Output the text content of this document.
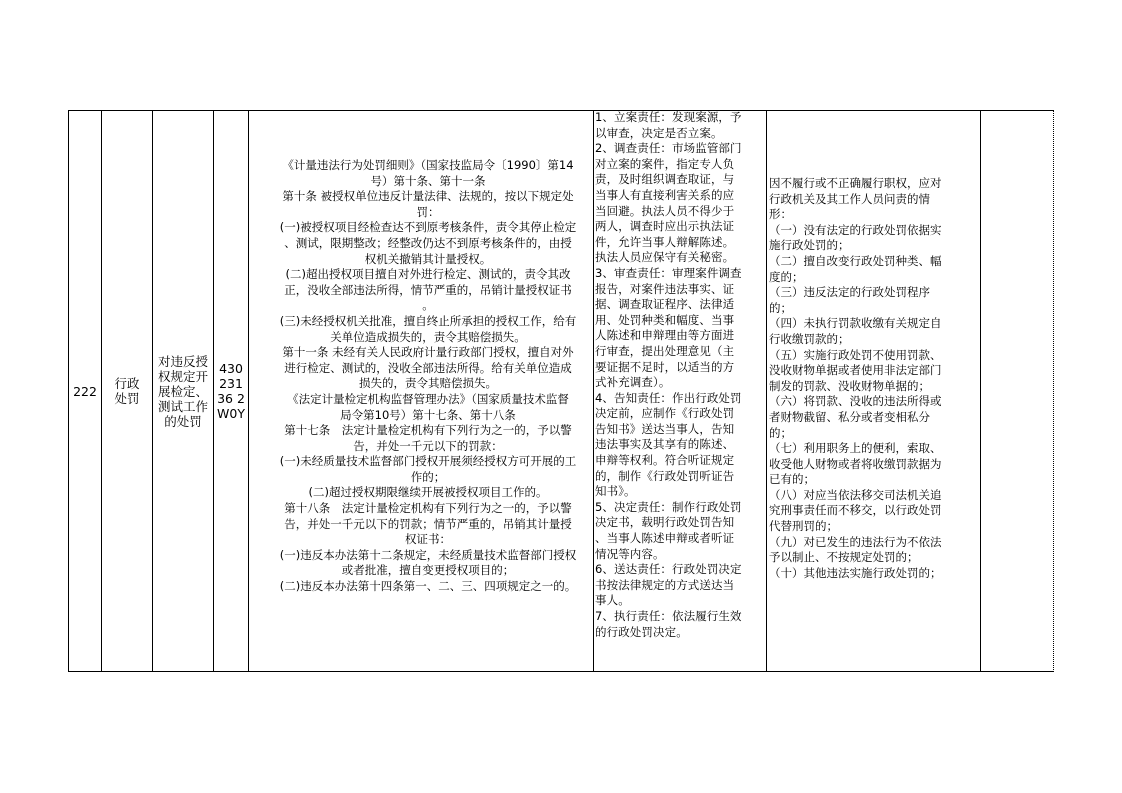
222	行政处罚
对违反授权规定开展检定、测试工作的处罚
43023136 2W0Y
《计量违法行为处罚细则》（国家技监局令〔1990〕第14
号）第十条、第十一条
第十条 被授权单位违反计量法律、法规的，按以下规定处
罚：
(一)被授权项目经检查达不到原考核条件，责令其停止检定
、测试，限期整改；经整改仍达不到原考核条件的，由授
权机关撤销其计量授权。
(二)超出授权项目擅自对外进行检定、测试的，责令其改
正，没收全部违法所得，情节严重的，吊销计量授权证书
。
(三)未经授权机关批准，擅自终止所承担的授权工作，给有
关单位造成损失的，责令其赔偿损失。
第十一条 未经有关人民政府计量行政部门授权，擅自对外
进行检定、测试的，没收全部违法所得。给有关单位造成
损失的，责令其赔偿损失。
《法定计量检定机构监督管理办法》（国家质量技术监督
局令第10号）第十七条、第十八条
第十七条　法定计量检定机构有下列行为之一的，予以警
告，并处一千元以下的罚款：
(一)未经质量技术监督部门授权开展须经授权方可开展的工
作的；
(二)超过授权期限继续开展被授权项目工作的。
第十八条　法定计量检定机构有下列行为之一的，予以警
告，并处一千元以下的罚款；情节严重的，吊销其计量授
权证书：
(一)违反本办法第十二条规定，未经质量技术监督部门授权
或者批准，擅自变更授权项目的；
(二)违反本办法第十四条第一、二、三、四项规定之一的。
1、立案责任：发现案源，予
以审查，决定是否立案。
2、调查责任：市场监管部门
对立案的案件，指定专人负
责，及时组织调查取证，与
当事人有直接利害关系的应
当回避。执法人员不得少于
两人，调查时应出示执法证
件，允许当事人辩解陈述。
执法人员应保守有关秘密。
3、审查责任：审理案件调查
报告，对案件违法事实、证
据、调查取证程序、法律适
用、处罚种类和幅度、当事
人陈述和申辩理由等方面进
行审查，提出处理意见（主
要证据不足时，以适当的方
式补充调查）。
4、告知责任：作出行政处罚
决定前，应制作《行政处罚
告知书》送达当事人，告知
违法事实及其享有的陈述、
申辩等权利。符合听证规定
的，制作《行政处罚听证告
知书》。
5、决定责任：制作行政处罚
决定书，载明行政处罚告知
、当事人陈述申辩或者听证
情况等内容。
6、送达责任：行政处罚决定
书按法律规定的方式送达当
事人。
7、执行责任：依法履行生效
的行政处罚决定。
因不履行或不正确履行职权，应对
行政机关及其工作人员问责的情
形：
（一）没有法定的行政处罚依据实
施行政处罚的；
（二）擅自改变行政处罚种类、幅
度的；
（三）违反法定的行政处罚程序
的；
（四）未执行罚款收缴有关规定自
行收缴罚款的；
（五）实施行政处罚不使用罚款、
没收财物单据或者使用非法定部门
制发的罚款、没收财物单据的；
（六）将罚款、没收的违法所得或
者财物截留、私分或者变相私分
的；
（七）利用职务上的便利，索取、
收受他人财物或者将收缴罚款据为
已有的；
（八）对应当依法移交司法机关追
究刑事责任而不移交，以行政处罚
代替刑罚的；
（九）对已发生的违法行为不依法
予以制止、不按规定处罚的；
（十）其他违法实施行政处罚的；
